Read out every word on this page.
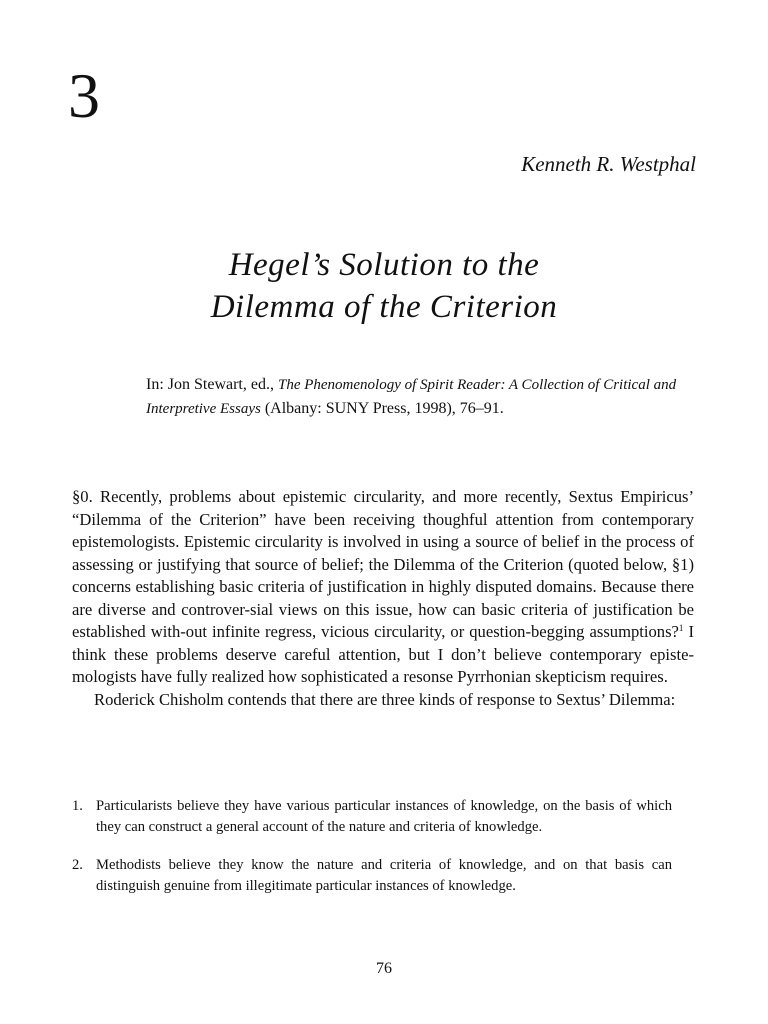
3
Kenneth R. Westphal
Hegel’s Solution to the
Dilemma of the Criterion
In: Jon Stewart, ed., The Phenomenology of Spirit Reader: A Collection of Critical and Interpretive Essays (Albany: SUNY Press, 1998), 76–91.

§0. Recently, problems about epistemic circularity, and more recently, Sextus Empiricus’ “Dilemma of the Criterion” have been receiving thoughful attention from contemporary epistemologists. Epistemic circularity is involved in using a source of belief in the process of assessing or justifying that source of belief; the Dilemma of the Criterion (quoted below, §1) concerns establishing basic criteria of justification in highly disputed domains. Because there are diverse and controver-sial views on this issue, how can basic criteria of justification be established with-out infinite regress, vicious circularity, or question-begging assumptions?$^1$ I think these problems deserve careful attention, but I don’t believe contemporary episte-mologists have fully realized how sophisticated a resonse Pyrrhonian skepticism requires.

Roderick Chisholm contends that there are three kinds of response to Sextus’ Dilemma:

1. Particularists believe they have various particular instances of knowledge, on the basis of which they can construct a general account of the nature and criteria of knowledge.
2. Methodists believe they know the nature and criteria of knowledge, and on that basis can distinguish genuine from illegitimate particular instances of knowledge.
76
